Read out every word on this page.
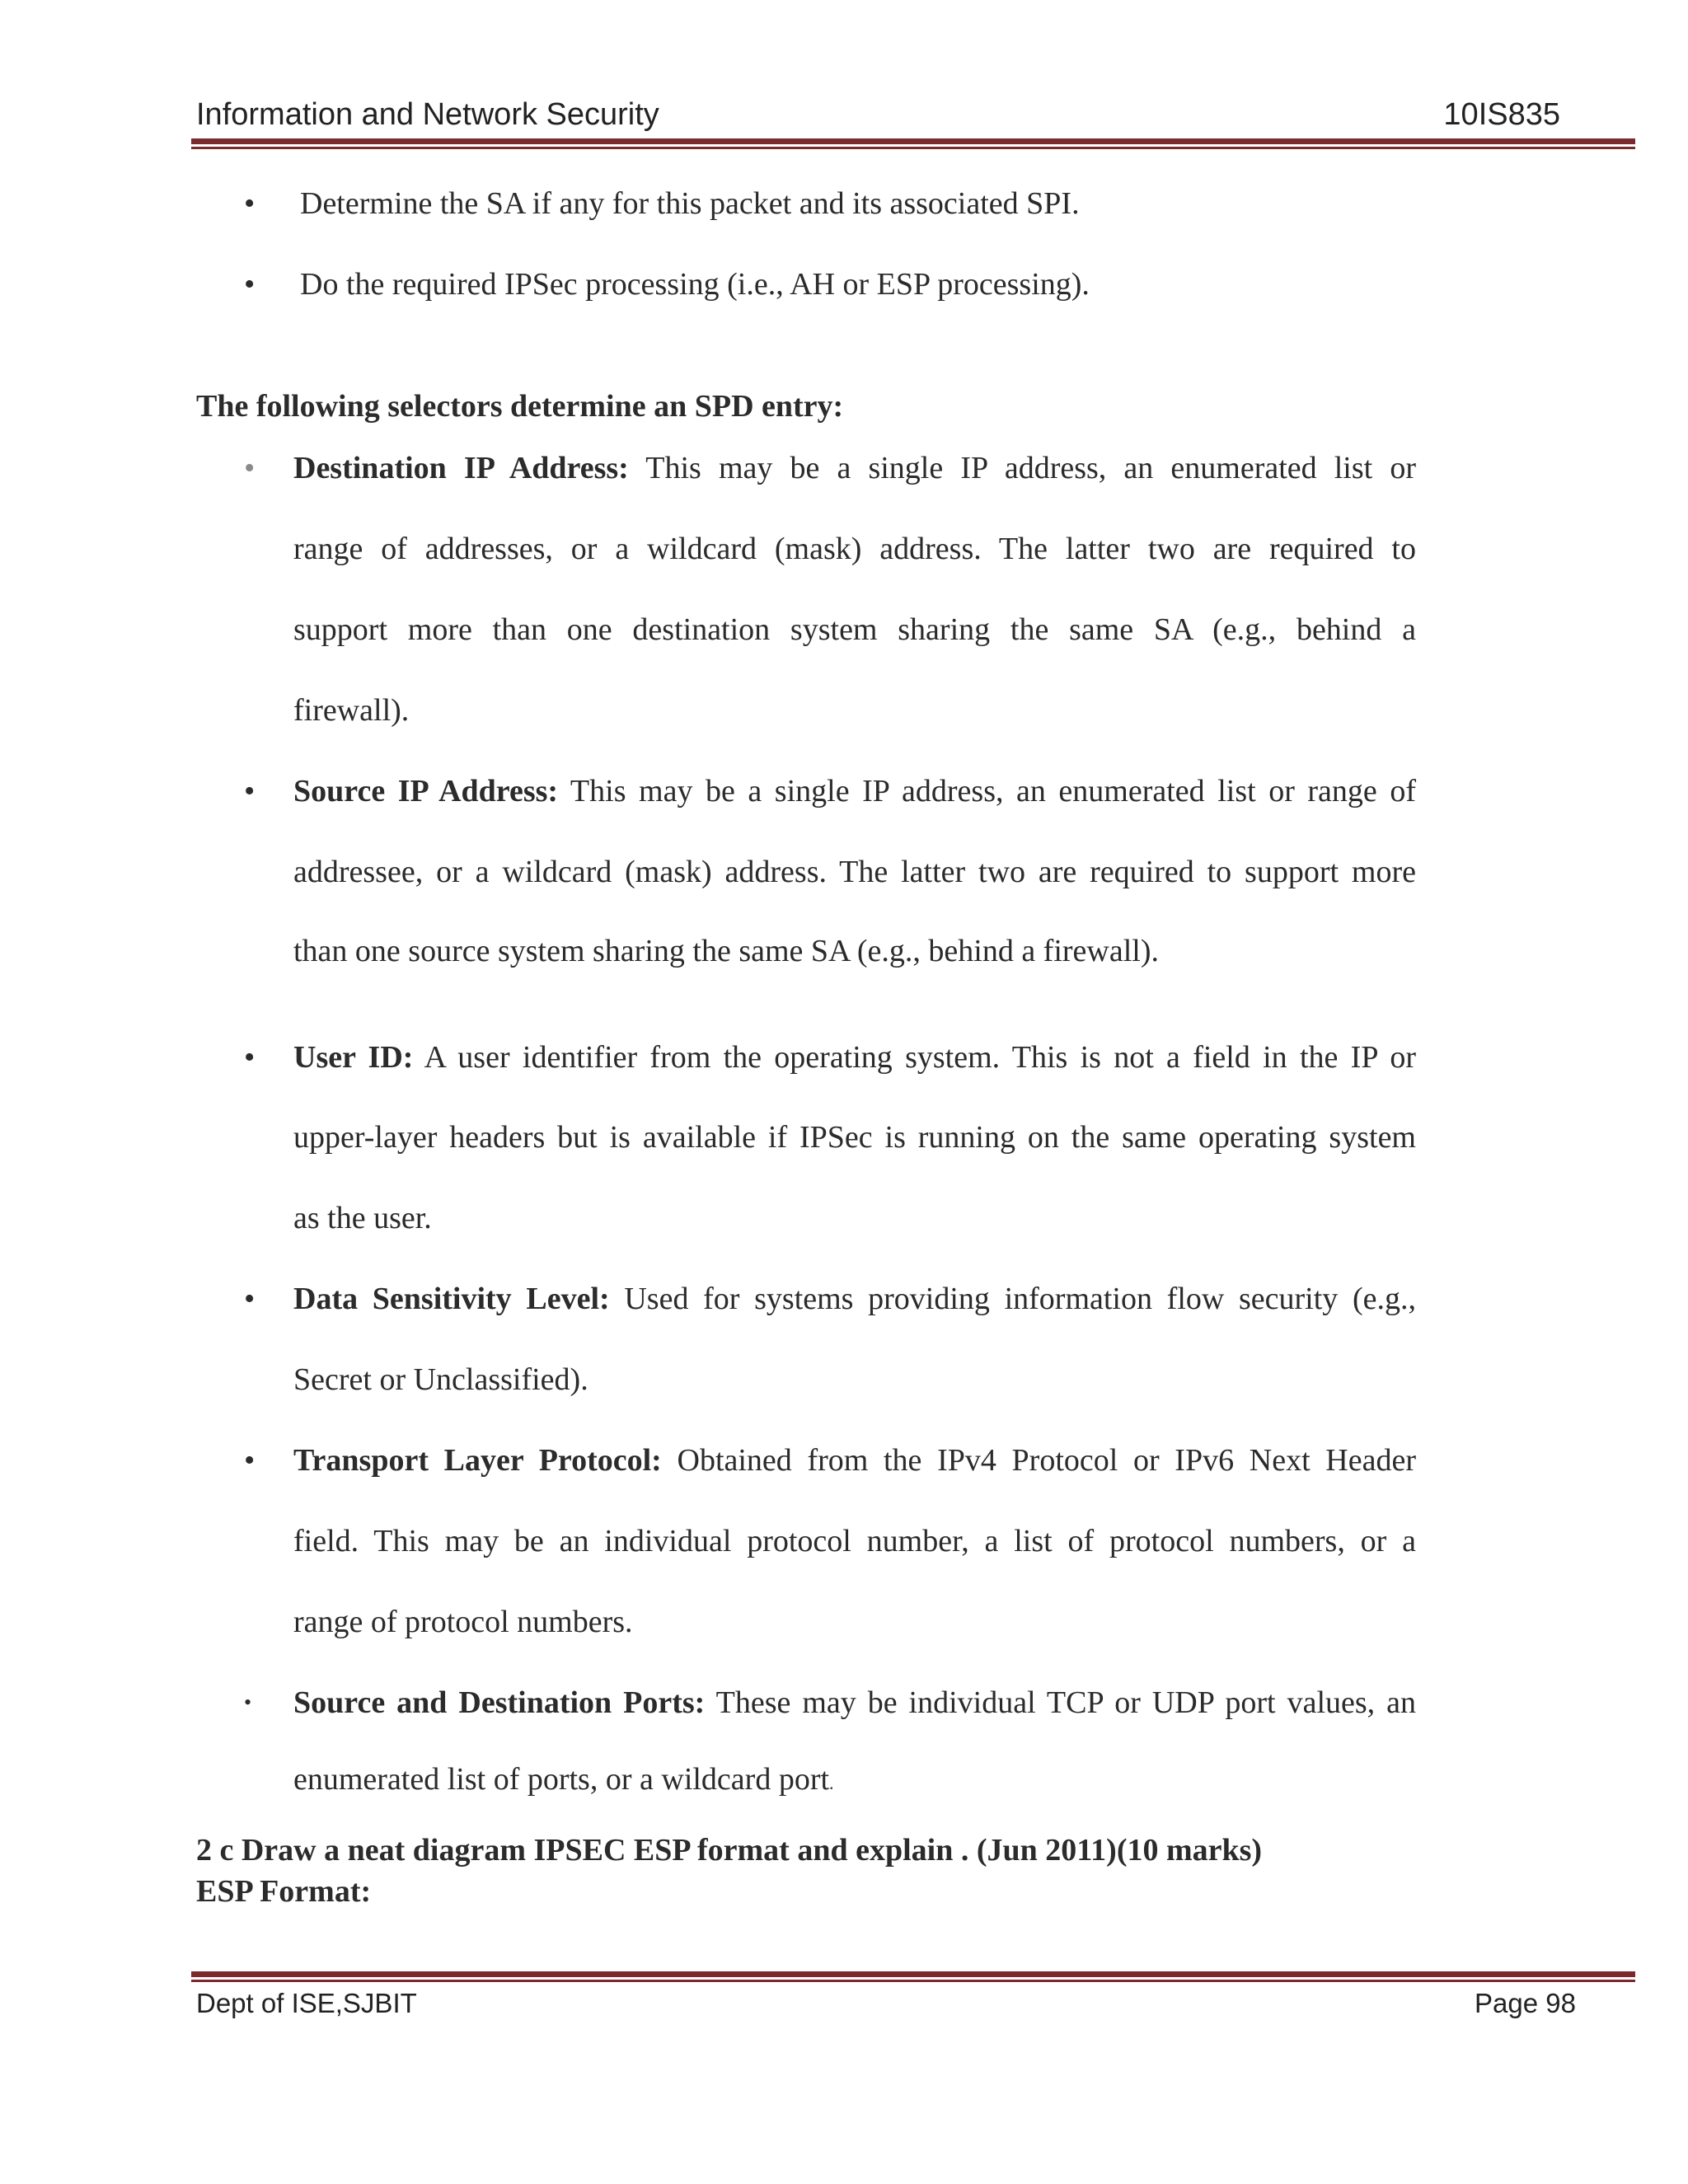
Information and Network Security	10IS835
• Determine the SA if any for this packet and its associated SPI.
• Do the required IPSec processing (i.e., AH or ESP processing).
The following selectors determine an SPD entry:
• Destination IP Address: This may be a single IP address, an enumerated list or
range of addresses, or a wildcard (mask) address. The latter two are required to
support more than one destination system sharing the same SA (e.g., behind a
firewall).
• Source IP Address: This may be a single IP address, an enumerated list or range of
addressee, or a wildcard (mask) address. The latter two are required to support more
than one source system sharing the same SA (e.g., behind a firewall).
• User ID: A user identifier from the operating system. This is not a field in the IP or
upper-layer headers but is available if IPSec is running on the same operating system
as the user.
• Data Sensitivity Level: Used for systems providing information flow security (e.g.,
Secret or Unclassified).
• Transport Layer Protocol: Obtained from the IPv4 Protocol or IPv6 Next Header
field. This may be an individual protocol number, a list of protocol numbers, or a
range of protocol numbers.
• Source and Destination Ports: These may be individual TCP or UDP port values, an
enumerated list of ports, or a wildcard port.
2 c Draw a neat diagram IPSEC ESP format and explain . (Jun 2011)(10 marks)
ESP Format:
Dept of ISE,SJBIT	Page 98
